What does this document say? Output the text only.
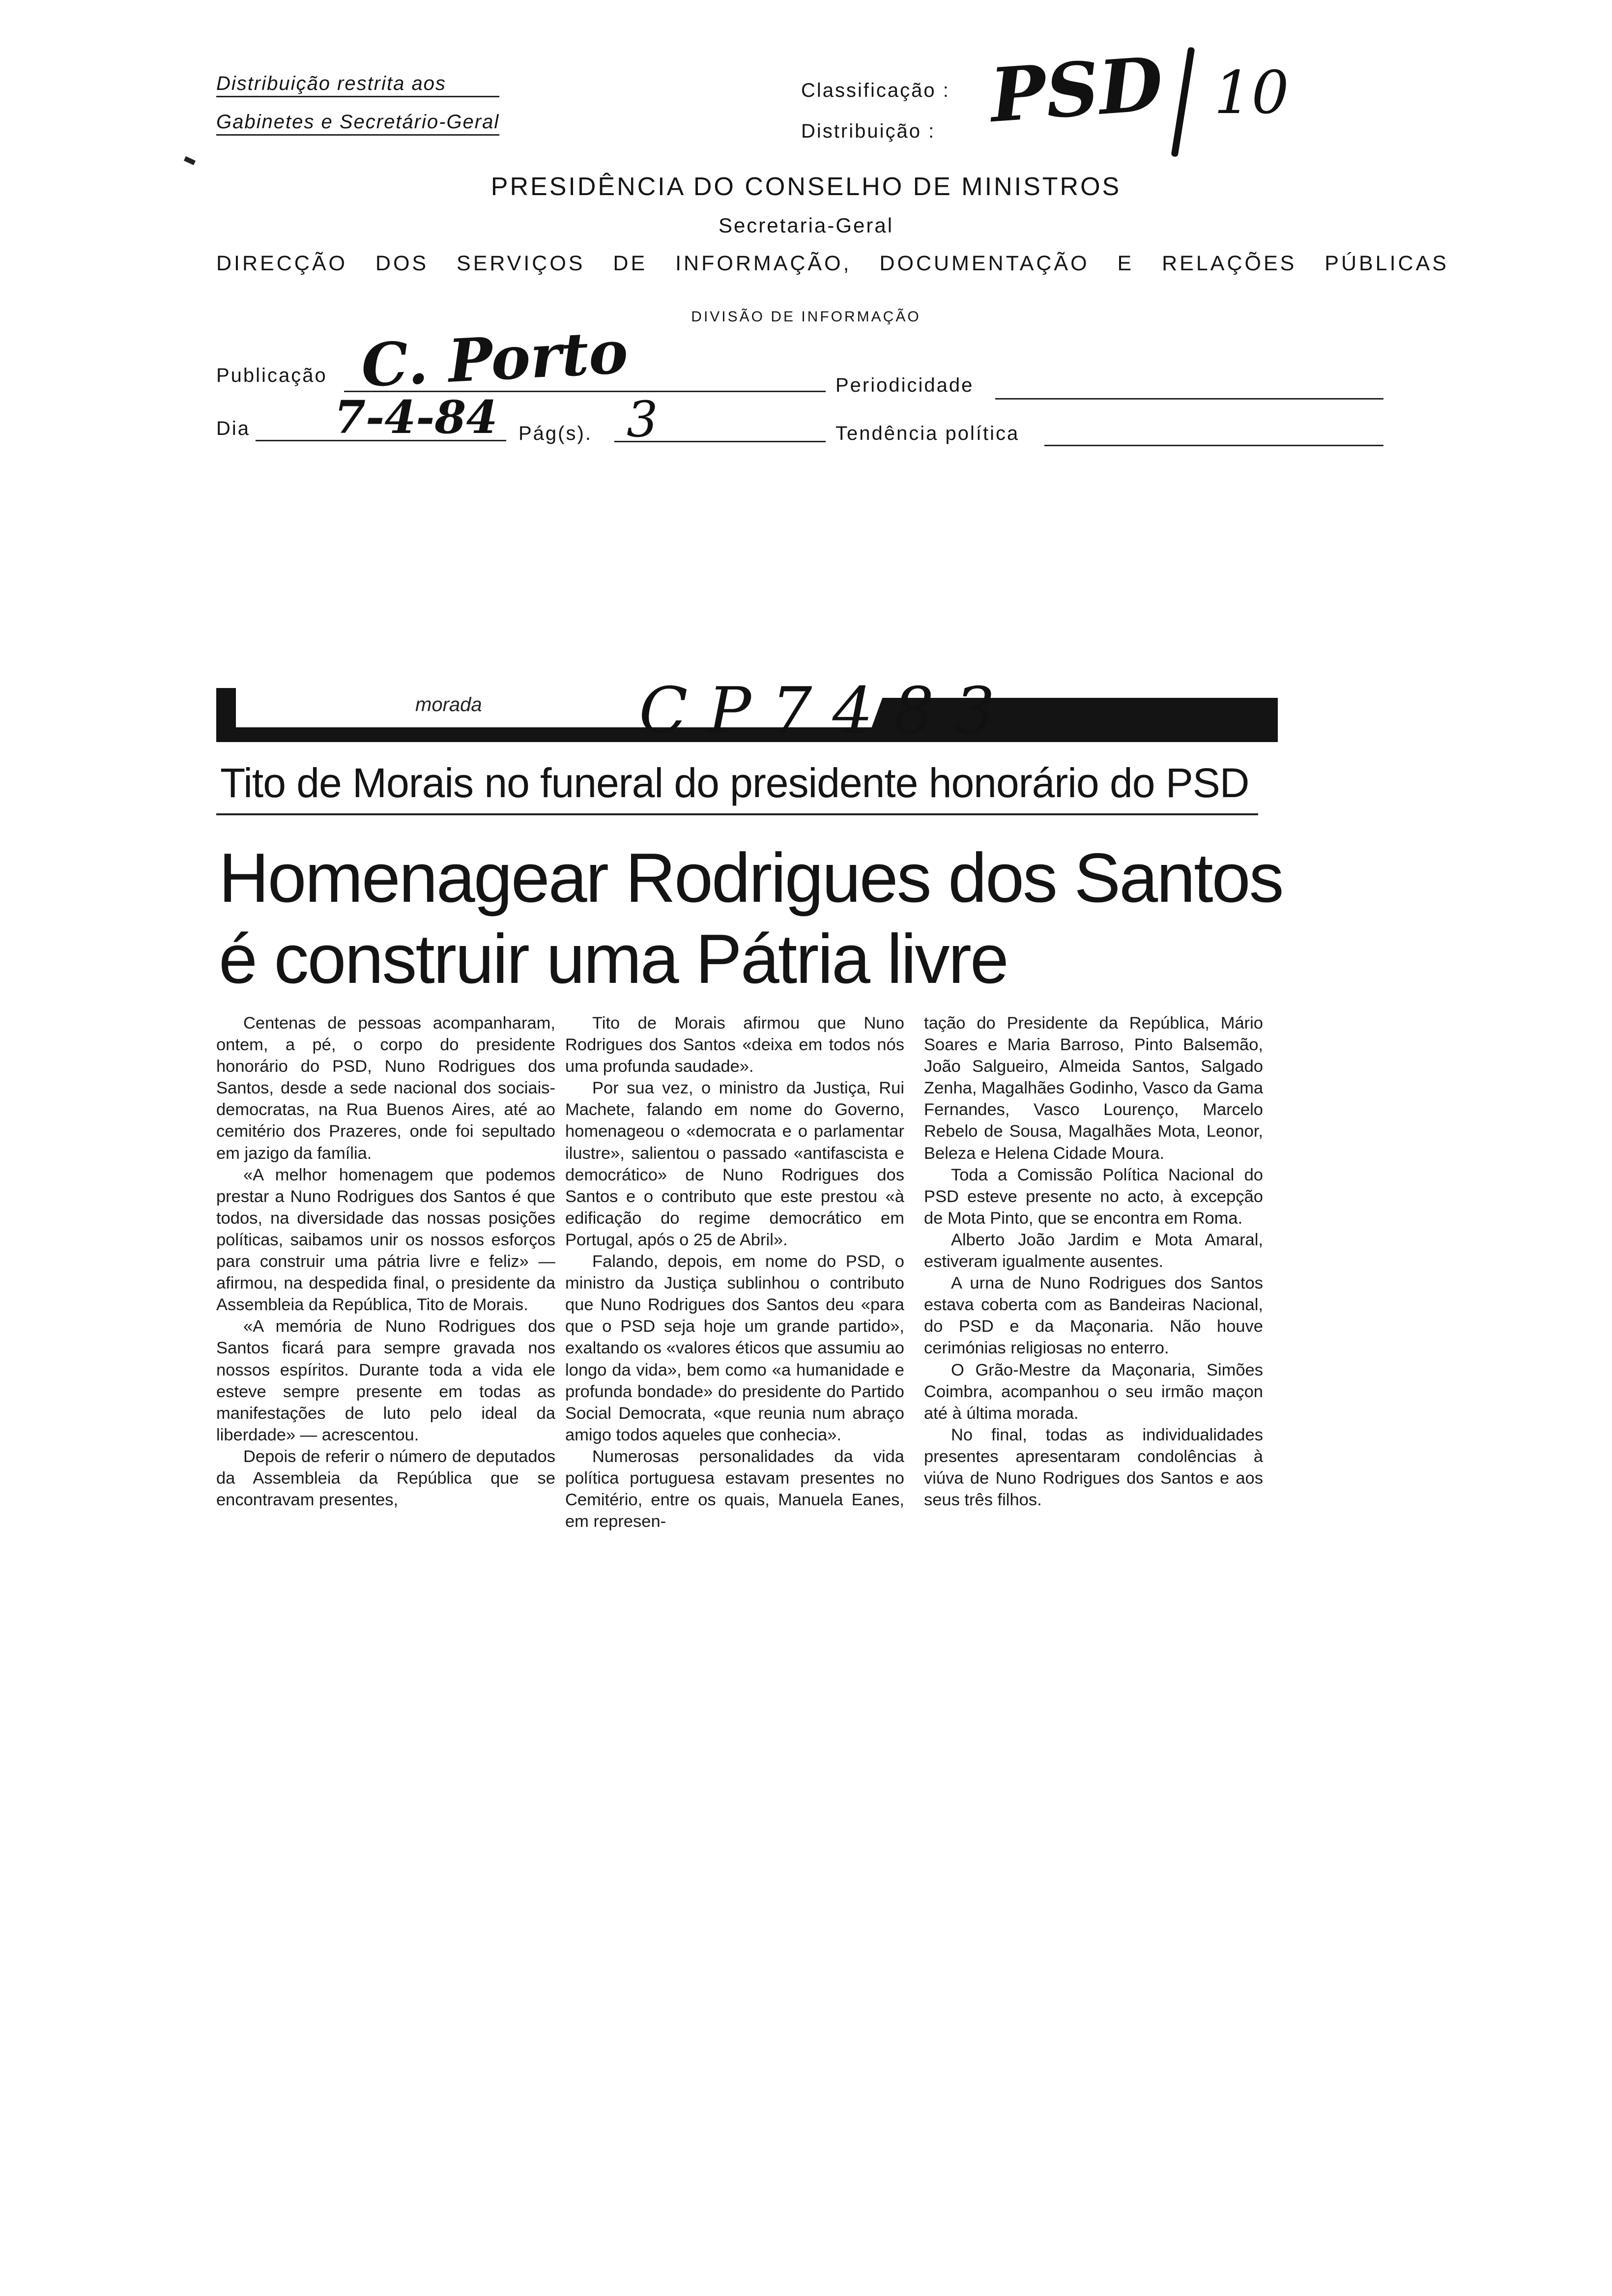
Distribuição restrita aos
Gabinetes e Secretário-Geral
Classificação :
Distribuição : PSD 10
PRESIDÊNCIA DO CONSELHO DE MINISTROS
Secretaria-Geral
DIRECÇÃO DOS SERVIÇOS DE INFORMAÇÃO, DOCUMENTAÇÃO E RELAÇÕES PÚBLICAS
DIVISÃO DE INFORMAÇÃO
Publicação C. Porto	Periodicidade
Dia 7-4-84 Pág(s). 3	Tendência política
morada C P 7 4 8 3
Tito de Morais no funeral do presidente honorário do PSD
Homenagear Rodrigues dos Santos
é construir uma Pátria livre

Centenas de pessoas acompanharam, ontem, a pé, o corpo do presidente honorário do PSD, Nuno Rodrigues dos Santos, desde a sede nacional dos sociais-democratas, na Rua Buenos Aires, até ao cemitério dos Prazeres, onde foi sepultado em jazigo da família.

«A melhor homenagem que podemos prestar a Nuno Rodrigues dos Santos é que todos, na diversidade das nossas posições políticas, saibamos unir os nossos esforços para construir uma pátria livre e feliz» — afirmou, na despedida final, o presidente da Assembleia da República, Tito de Morais.

«A memória de Nuno Rodrigues dos Santos ficará para sempre gravada nos nossos espíritos. Durante toda a vida ele esteve sempre presente em todas as manifestações de luto pelo ideal da liberdade» — acrescentou.

Depois de referir o número de deputados da Assembleia da República que se encontravam presentes,

Tito de Morais afirmou que Nuno Rodrigues dos Santos «deixa em todos nós uma profunda saudade».

Por sua vez, o ministro da Justiça, Rui Machete, falando em nome do Governo, homenageou o «democrata e o parlamentar ilustre», salientou o passado «antifascista e democrático» de Nuno Rodrigues dos Santos e o contributo que este prestou «à edificação do regime democrático em Portugal, após o 25 de Abril».

Falando, depois, em nome do PSD, o ministro da Justiça sublinhou o contributo que Nuno Rodrigues dos Santos deu «para que o PSD seja hoje um grande partido», exaltando os «valores éticos que assumiu ao longo da vida», bem como «a humanidade e profunda bondade» do presidente do Partido Social Democrata, «que reunia num abraço amigo todos aqueles que conhecia».

Numerosas personalidades da vida política portuguesa estavam presentes no Cemitério, entre os quais, Manuela Eanes, em represen-

tação do Presidente da República, Mário Soares e Maria Barroso, Pinto Balsemão, João Salgueiro, Almeida Santos, Salgado Zenha, Magalhães Godinho, Vasco da Gama Fernandes, Vasco Lourenço, Marcelo Rebelo de Sousa, Magalhães Mota, Leonor, Beleza e Helena Cidade Moura.

Toda a Comissão Política Nacional do PSD esteve presente no acto, à excepção de Mota Pinto, que se encontra em Roma.

Alberto João Jardim e Mota Amaral, estiveram igualmente ausentes.

A urna de Nuno Rodrigues dos Santos estava coberta com as Bandeiras Nacional, do PSD e da Maçonaria. Não houve cerimónias religiosas no enterro.

O Grão-Mestre da Maçonaria, Simões Coimbra, acompanhou o seu irmão maçon até à última morada.

No final, todas as individualidades presentes apresentaram condolências à viúva de Nuno Rodrigues dos Santos e aos seus três filhos.
